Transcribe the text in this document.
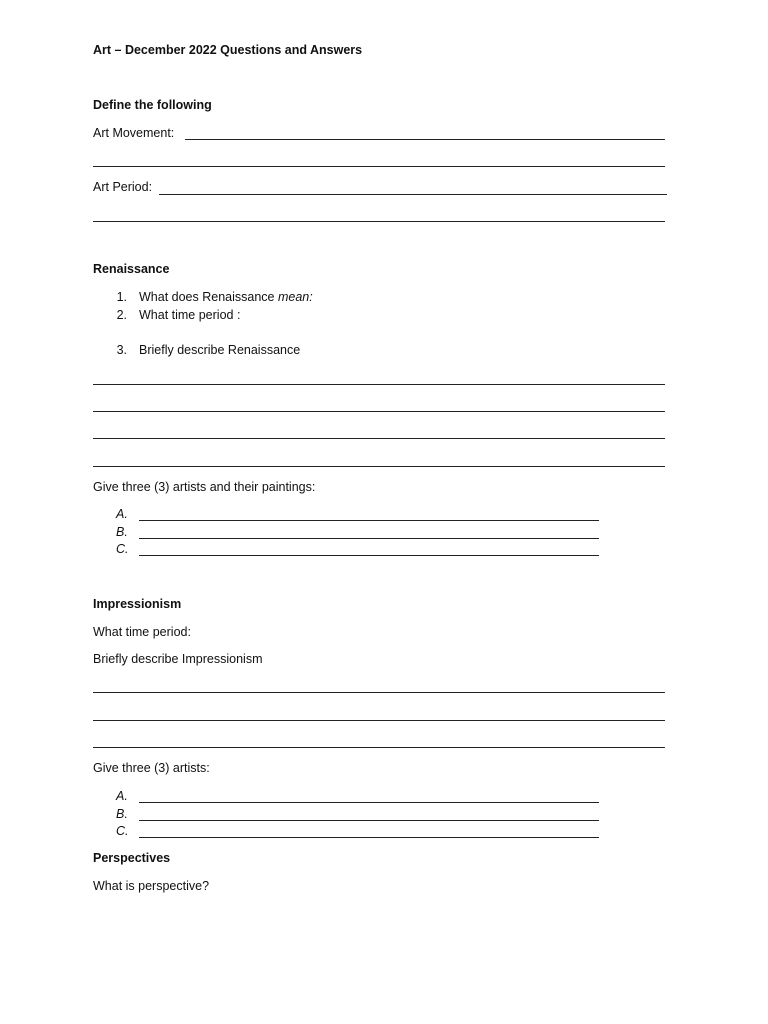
Art – December 2022 Questions and Answers
Define the following
Art Movement:
Art Period:
Renaissance
1. What does Renaissance mean:
2. What time period :
3. Briefly describe Renaissance
Give three (3) artists and their paintings:
A.
B.
C.
Impressionism
What time period:
Briefly describe Impressionism
Give three (3) artists:
A.
B.
C.
Perspectives
What is perspective?
